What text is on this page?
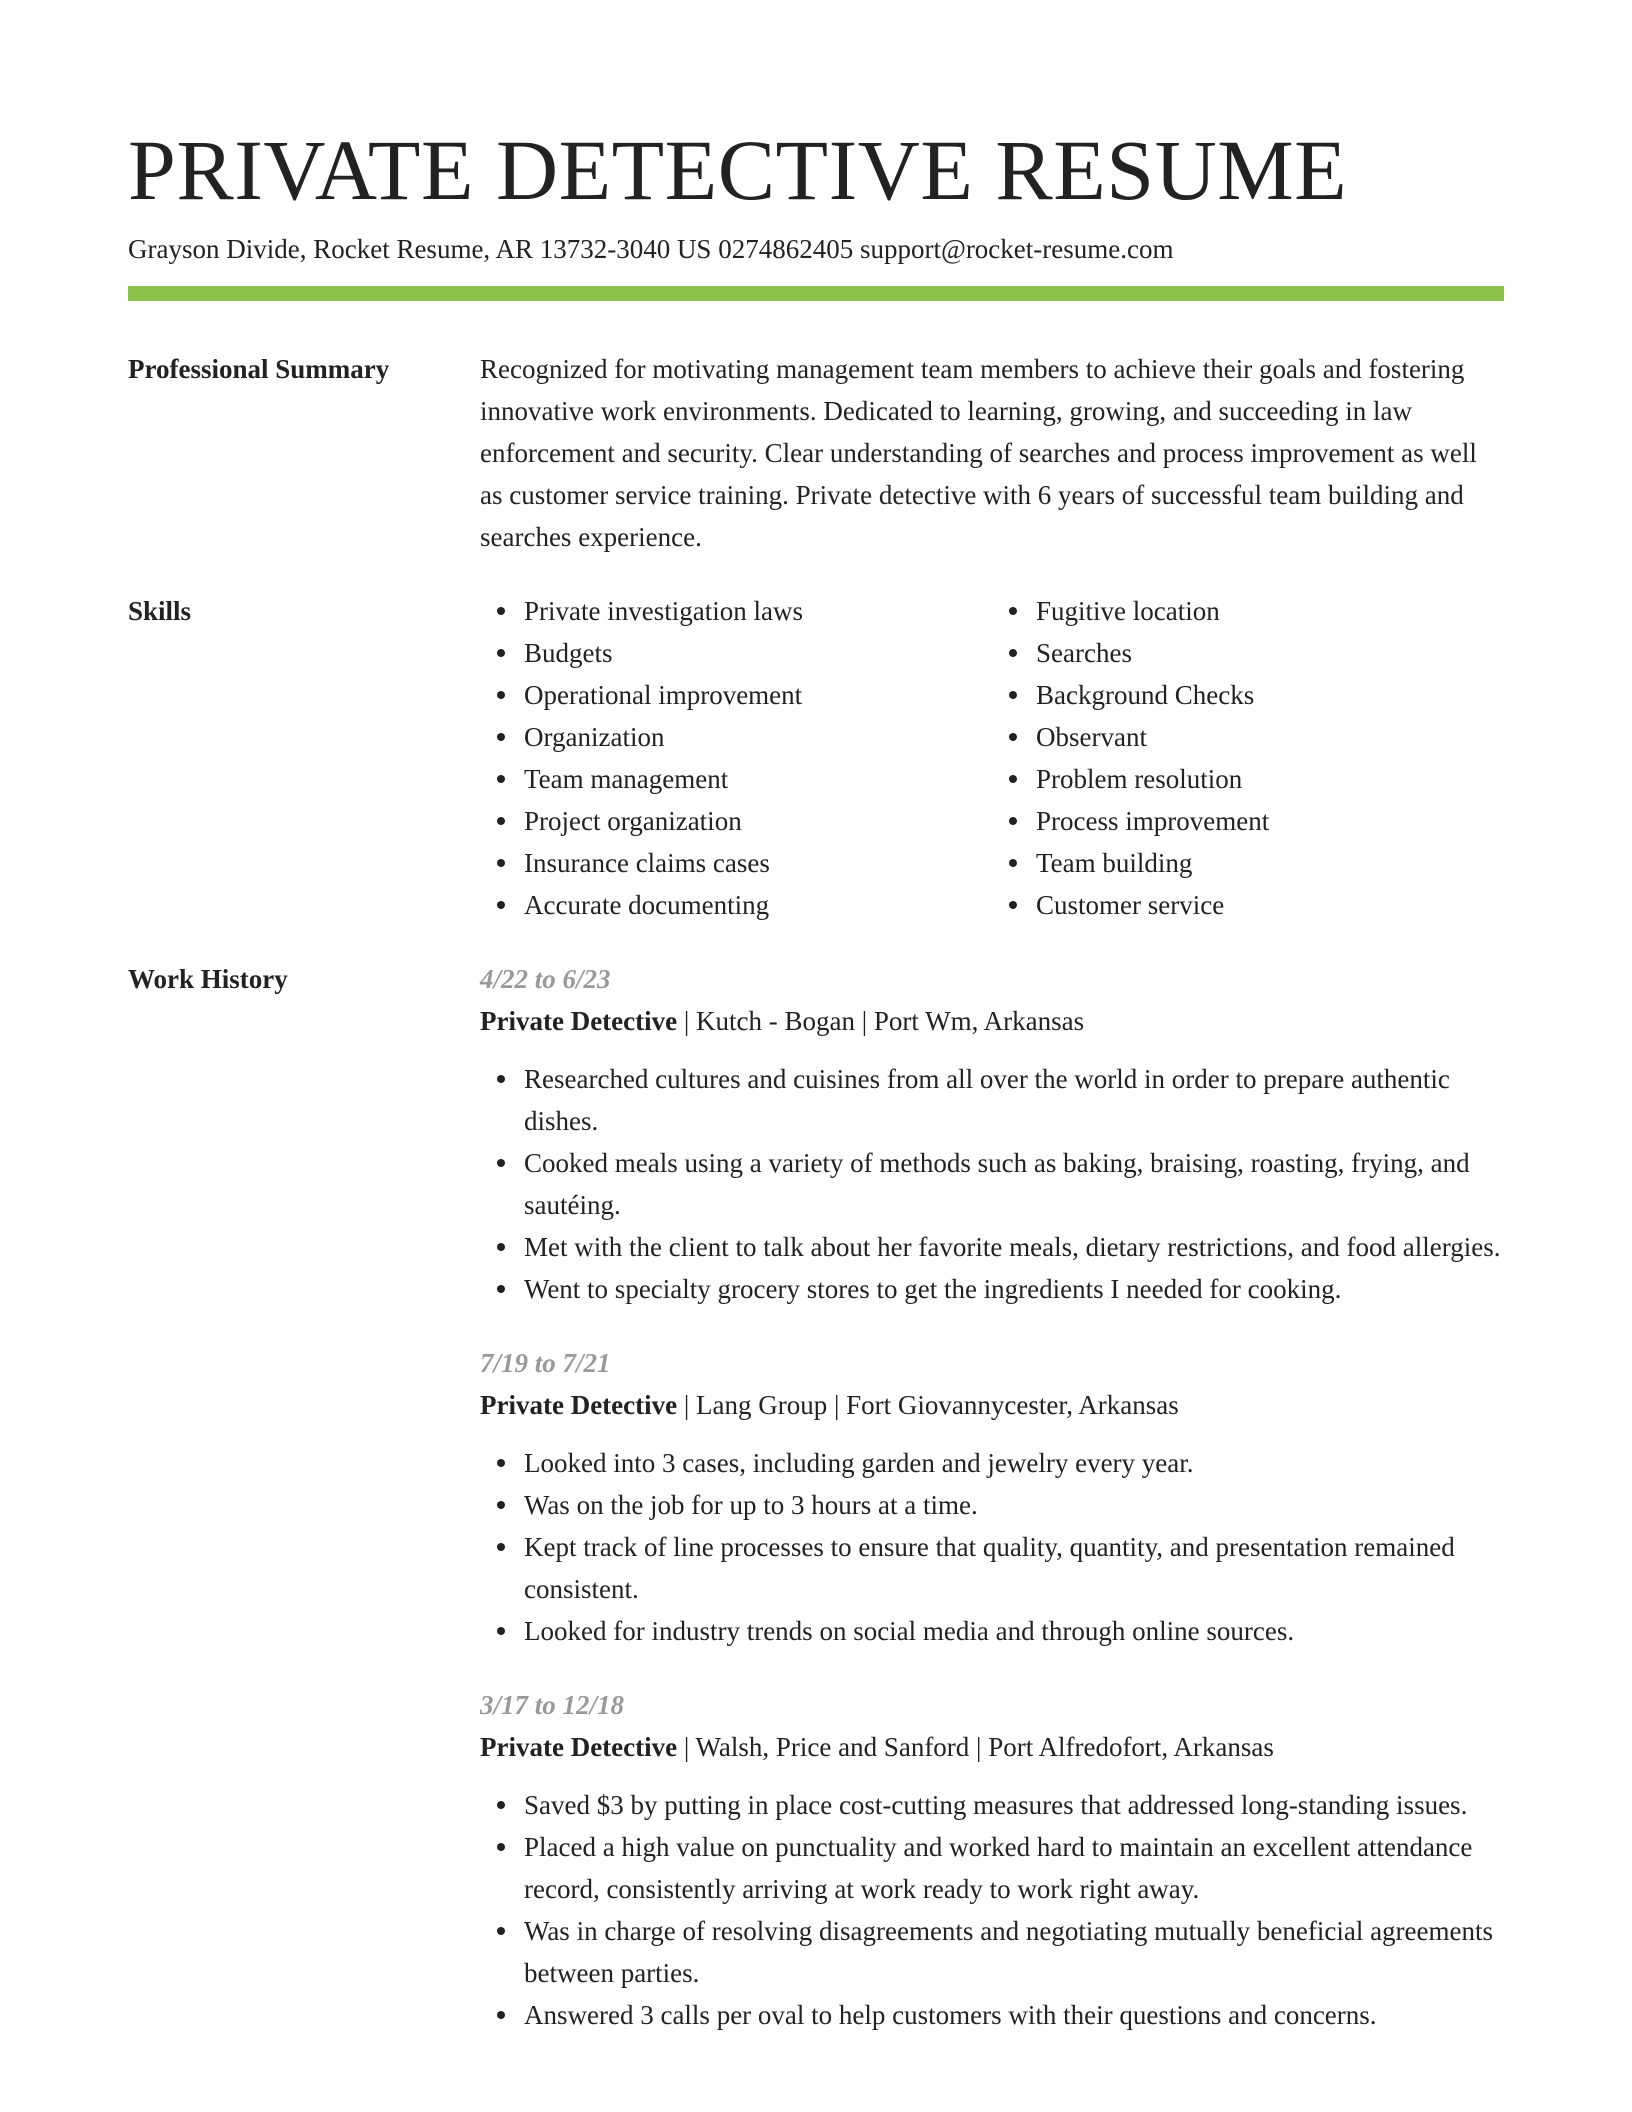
PRIVATE DETECTIVE RESUME
Grayson Divide, Rocket Resume, AR 13732-3040 US 0274862405 support@rocket-resume.com
Professional Summary	Recognized for motivating management team members to achieve their goals and fostering innovative work environments. Dedicated to learning, growing, and succeeding in law enforcement and security. Clear understanding of searches and process improvement as well as customer service training. Private detective with 6 years of successful team building and searches experience.

Skills	Private investigation laws
Budgets
Operational improvement
Organization
Team management
Project organization
Insurance claims cases
Accurate documenting
Fugitive location
Searches
Background Checks
Observant
Problem resolution
Process improvement
Team building
Customer service
Work History	4/22 to 6/23
Private Detective | Kutch - Bogan | Port Wm, Arkansas
Researched cultures and cuisines from all over the world in order to prepare authentic dishes.
Cooked meals using a variety of methods such as baking, braising, roasting, frying, and sautéing.
Met with the client to talk about her favorite meals, dietary restrictions, and food allergies.
Went to specialty grocery stores to get the ingredients I needed for cooking.
7/19 to 7/21
Private Detective | Lang Group | Fort Giovannycester, Arkansas
Looked into 3 cases, including garden and jewelry every year.
Was on the job for up to 3 hours at a time.
Kept track of line processes to ensure that quality, quantity, and presentation remained consistent.
Looked for industry trends on social media and through online sources.
3/17 to 12/18
Private Detective | Walsh, Price and Sanford | Port Alfredofort, Arkansas
Saved $3 by putting in place cost-cutting measures that addressed long-standing issues.
Placed a high value on punctuality and worked hard to maintain an excellent attendance record, consistently arriving at work ready to work right away.
Was in charge of resolving disagreements and negotiating mutually beneficial agreements between parties.
Answered 3 calls per oval to help customers with their questions and concerns.
